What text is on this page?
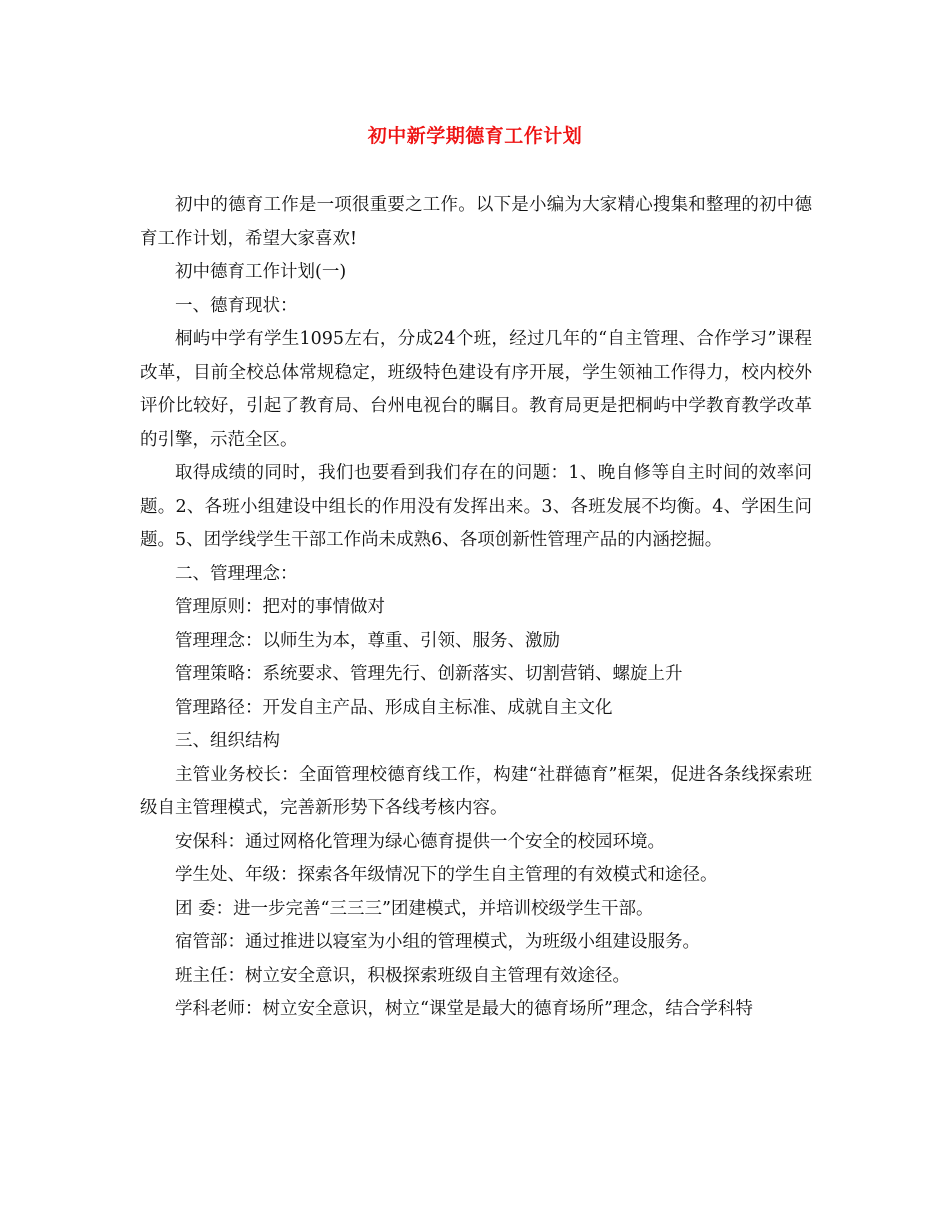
初中新学期德育工作计划

初中的德育工作是一项很重要之工作。以下是小编为大家精心搜集和整理的初中德育工作计划，希望大家喜欢!

初中德育工作计划(一)

一、德育现状：

桐屿中学有学生1095左右，分成24个班，经过几年的“自主管理、合作学习”课程改革，目前全校总体常规稳定，班级特色建设有序开展，学生领袖工作得力，校内校外评价比较好，引起了教育局、台州电视台的瞩目。教育局更是把桐屿中学教育教学改革的引擎，示范全区。

取得成绩的同时，我们也要看到我们存在的问题：1、晚自修等自主时间的效率问题。2、各班小组建设中组长的作用没有发挥出来。3、各班发展不均衡。4、学困生问题。5、团学线学生干部工作尚未成熟6、各项创新性管理产品的内涵挖掘。

二、管理理念：

管理原则：把对的事情做对

管理理念：以师生为本，尊重、引领、服务、激励

管理策略：系统要求、管理先行、创新落实、切割营销、螺旋上升

管理路径：开发自主产品、形成自主标准、成就自主文化

三、组织结构

主管业务校长：全面管理校德育线工作，构建“社群德育”框架，促进各条线探索班级自主管理模式，完善新形势下各线考核内容。

安保科：通过网格化管理为绿心德育提供一个安全的校园环境。

学生处、年级：探索各年级情况下的学生自主管理的有效模式和途径。

团 委：进一步完善“三三三”团建模式，并培训校级学生干部。

宿管部：通过推进以寝室为小组的管理模式，为班级小组建设服务。

班主任：树立安全意识，积极探索班级自主管理有效途径。

学科老师：树立安全意识，树立“课堂是最大的德育场所”理念，结合学科特
